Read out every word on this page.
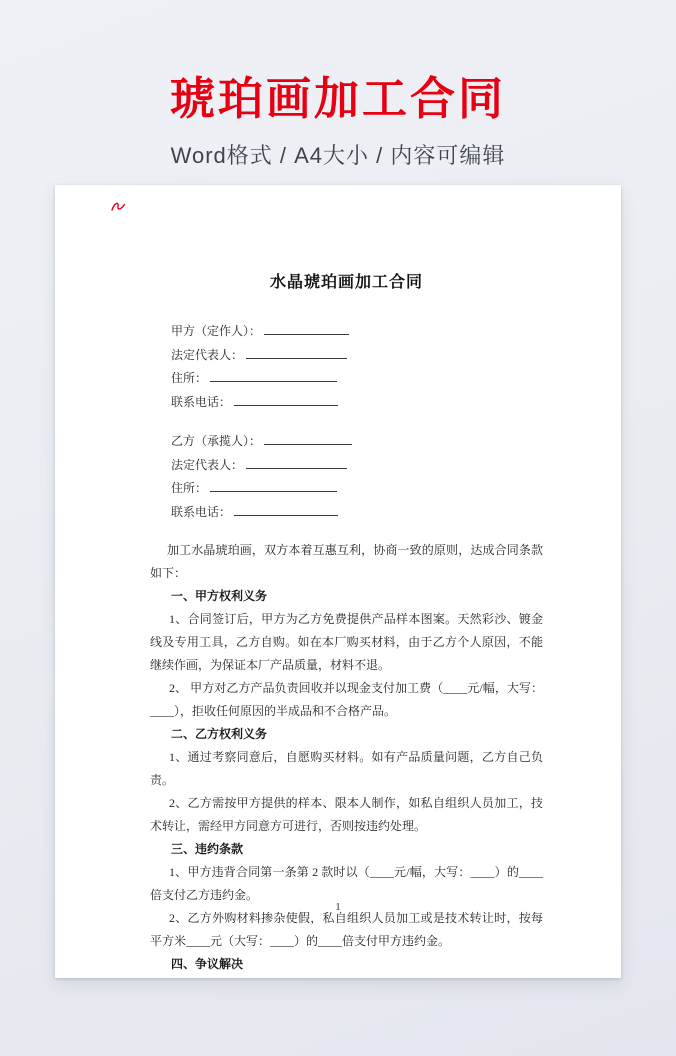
琥珀画加工合同
Word格式 / A4大小 / 内容可编辑
水晶琥珀画加工合同
甲方（定作人）：
法定代表人：
住所：
联系电话：
乙方（承揽人）：
法定代表人：
住所：
联系电话：

加工水晶琥珀画，双方本着互惠互利，协商一致的原则，达成合同条款如下：

一、甲方权利义务

1、合同签订后，甲方为乙方免费提供产品样本图案。天然彩沙、镀金线及专用工具，乙方自购。如在本厂购买材料，由于乙方个人原因，不能继续作画，为保证本厂产品质量，材料不退。

2、 甲方对乙方产品负责回收并以现金支付加工费（____元/幅，大写：____），拒收任何原因的半成品和不合格产品。

二、乙方权利义务

1、通过考察同意后，自愿购买材料。如有产品质量问题，乙方自己负责。

2、乙方需按甲方提供的样本、限本人制作，如私自组织人员加工，技术转让，需经甲方同意方可进行，否则按违约处理。

三、违约条款

1、甲方违背合同第一条第 2 款时以（____元/幅，大写：____）的____倍支付乙方违约金。

2、乙方外购材料掺杂使假，私自组织人员加工或是技术转让时，按每平方米____元（大写：____）的____倍支付甲方违约金。

四、争议解决
1
